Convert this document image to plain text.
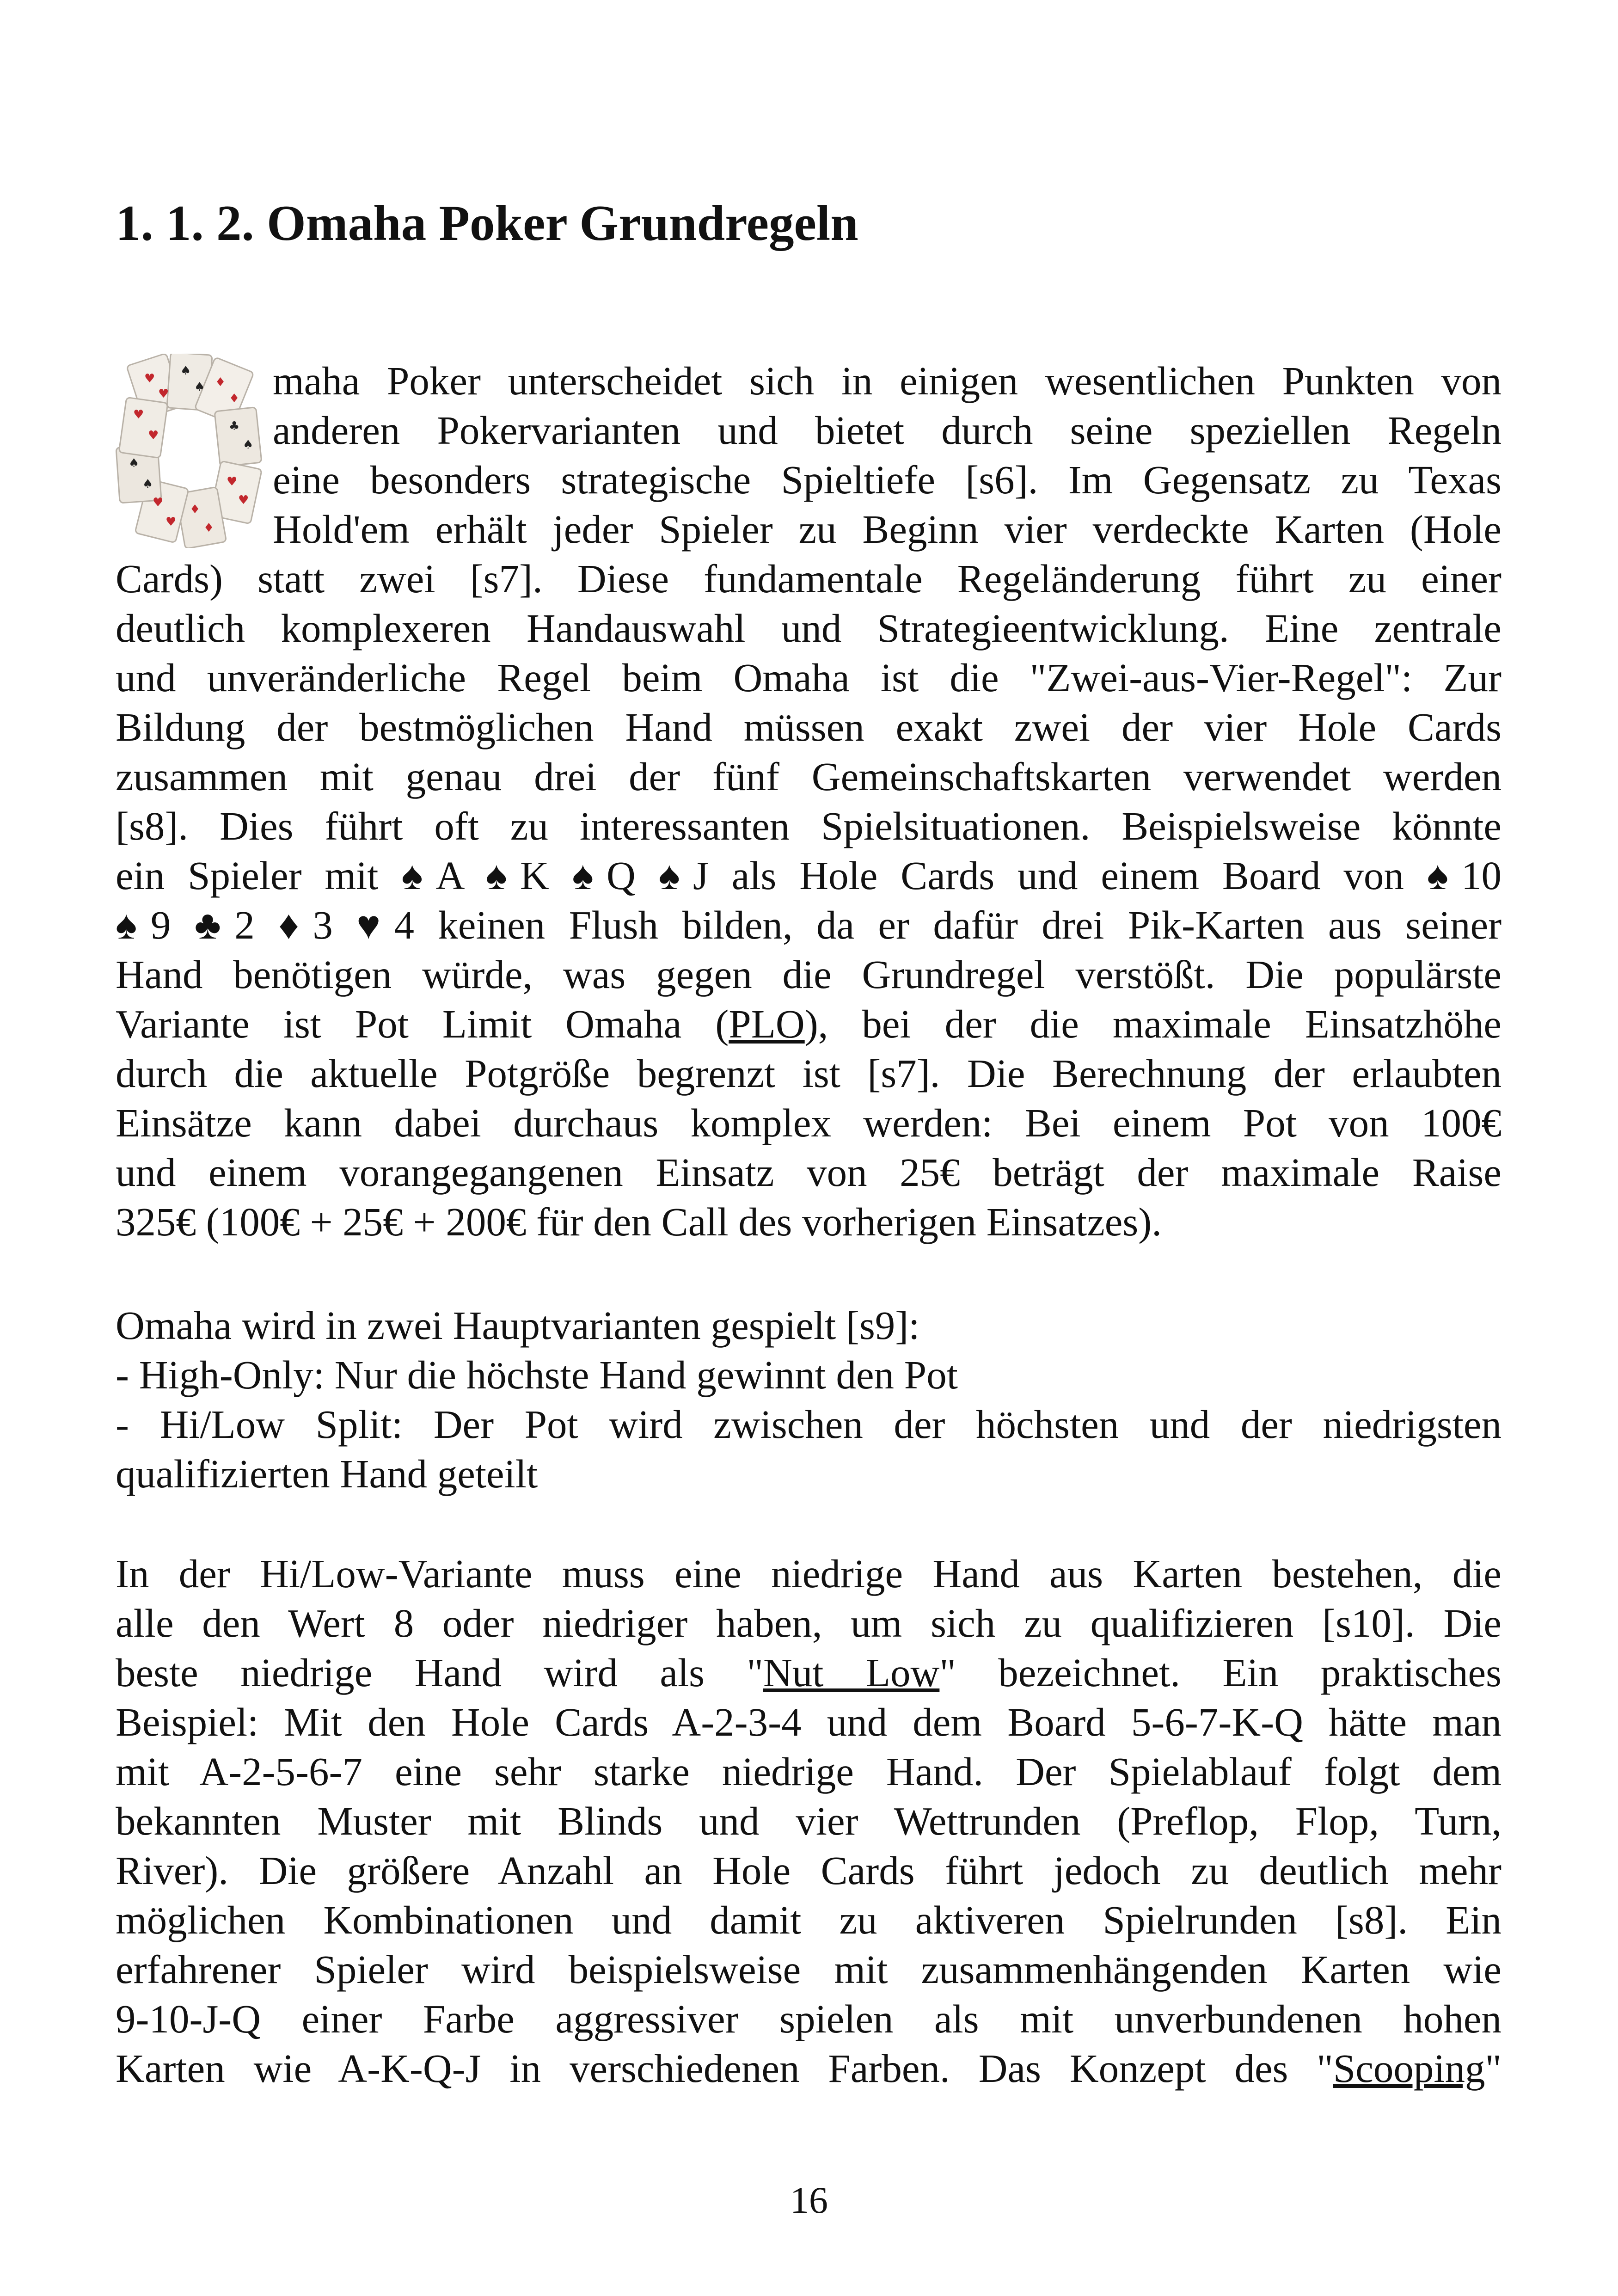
1. 1. 2. Omaha Poker Grundregeln
♥
♥
♠
♠ ♦
♦
♣
♠
♥
♥
♦
♦
♥
♥
♠
♠
♥
♥
maha Poker unterscheidet sich in einigen wesentlichen Punkten von
anderen Pokervarianten und bietet durch seine speziellen Regeln
eine besonders strategische Spieltiefe [s6]. Im Gegensatz zu Texas
Hold'em erhält jeder Spieler zu Beginn vier verdeckte Karten (Hole
Cards) statt zwei [s7]. Diese fundamentale Regeländerung führt zu einer
deutlich komplexeren Handauswahl und Strategieentwicklung. Eine zentrale
und unveränderliche Regel beim Omaha ist die "Zwei-aus-Vier-Regel": Zur
Bildung der bestmöglichen Hand müssen exakt zwei der vier Hole Cards
zusammen mit genau drei der fünf Gemeinschaftskarten verwendet werden
[s8]. Dies führt oft zu interessanten Spielsituationen. Beispielsweise könnte
ein Spieler mit ♠A ♠K ♠Q ♠J als Hole Cards und einem Board von ♠10
♠9 ♣2 ♦3 ♥4 keinen Flush bilden, da er dafür drei Pik-Karten aus seiner
Hand benötigen würde, was gegen die Grundregel verstößt. Die populärste
Variante ist Pot Limit Omaha (PLO), bei der die maximale Einsatzhöhe
durch die aktuelle Potgröße begrenzt ist [s7]. Die Berechnung der erlaubten
Einsätze kann dabei durchaus komplex werden: Bei einem Pot von 100€
und einem vorangegangenen Einsatz von 25€ beträgt der maximale Raise
325€ (100€ + 25€ + 200€ für den Call des vorherigen Einsatzes).
Omaha wird in zwei Hauptvarianten gespielt [s9]:
- High-Only: Nur die höchste Hand gewinnt den Pot
- Hi/Low Split: Der Pot wird zwischen der höchsten und der niedrigsten
qualifizierten Hand geteilt
In der Hi/Low-Variante muss eine niedrige Hand aus Karten bestehen, die
alle den Wert 8 oder niedriger haben, um sich zu qualifizieren [s10]. Die
beste niedrige Hand wird als "Nut Low" bezeichnet. Ein praktisches
Beispiel: Mit den Hole Cards A-2-3-4 und dem Board 5-6-7-K-Q hätte man
mit A-2-5-6-7 eine sehr starke niedrige Hand. Der Spielablauf folgt dem
bekannten Muster mit Blinds und vier Wettrunden (Preflop, Flop, Turn,
River). Die größere Anzahl an Hole Cards führt jedoch zu deutlich mehr
möglichen Kombinationen und damit zu aktiveren Spielrunden [s8]. Ein
erfahrener Spieler wird beispielsweise mit zusammenhängenden Karten wie
9-10-J-Q einer Farbe aggressiver spielen als mit unverbundenen hohen
Karten wie A-K-Q-J in verschiedenen Farben. Das Konzept des "Scooping"
16
